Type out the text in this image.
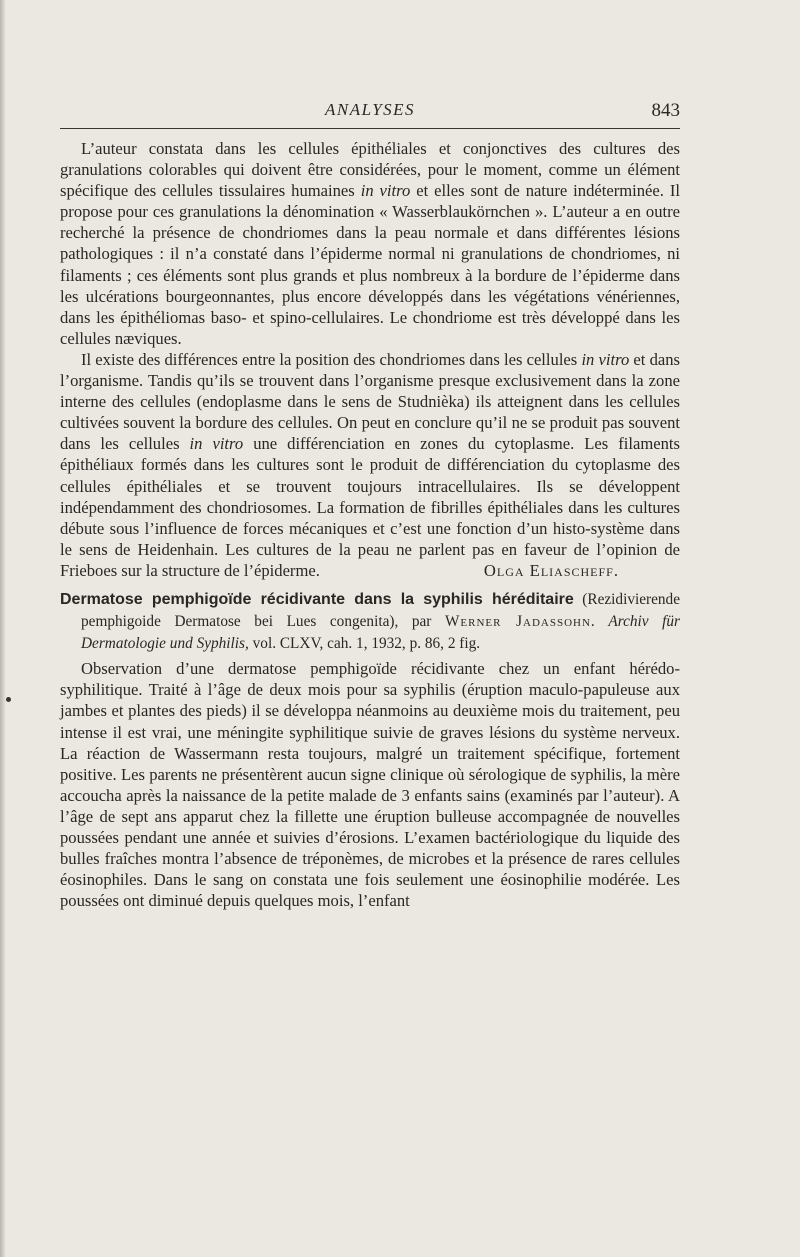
ANALYSES	843

L’auteur constata dans les cellules épithéliales et conjonctives des cultures des granulations colorables qui doivent être considérées, pour le moment, comme un élément spécifique des cellules tissulaires humaines in vitro et elles sont de nature indéterminée. Il propose pour ces granulations la dénomination « Wasserblaukörnchen ». L’auteur a en outre recherché la présence de chondriomes dans la peau normale et dans différentes lésions pathologiques : il n’a constaté dans l’épiderme normal ni granulations de chondriomes, ni filaments ; ces éléments sont plus grands et plus nombreux à la bordure de l’épiderme dans les ulcérations bourgeonnantes, plus encore développés dans les végétations vénériennes, dans les épithéliomas baso- et spino-cellulaires. Le chondriome est très développé dans les cellules næviques.

Il existe des différences entre la position des chondriomes dans les cellules in vitro et dans l’organisme. Tandis qu’ils se trouvent dans l’organisme presque exclusivement dans la zone interne des cellules (endoplasme dans le sens de Studnièka) ils atteignent dans les cellules cultivées souvent la bordure des cellules. On peut en conclure qu’il ne se produit pas souvent dans les cellules in vitro une différenciation en zones du cytoplasme. Les filaments épithéliaux formés dans les cultures sont le produit de différenciation du cytoplasme des cellules épithéliales et se trouvent toujours intracellulaires. Ils se développent indépendamment des chondriosomes. La formation de fibrilles épithéliales dans les cultures débute sous l’influence de forces mécaniques et c’est une fonction d’un histo-système dans le sens de Heidenhain. Les cultures de la peau ne parlent pas en faveur de l’opinion de Frieboes sur la structure de l’épiderme.	Olga Eliascheff.

Dermatose pemphigoïde récidivante dans la syphilis héréditaire (Rezidivierende pemphigoide Dermatose bei Lues congenita), par Werner Jadassohn. Archiv für Dermatologie und Syphilis, vol. CLXV, cah. 1, 1932, p. 86, 2 fig.

Observation d’une dermatose pemphigoïde récidivante chez un enfant hérédo-syphilitique. Traité à l’âge de deux mois pour sa syphilis (éruption maculo-papuleuse aux jambes et plantes des pieds) il se développa néanmoins au deuxième mois du traitement, peu intense il est vrai, une méningite syphilitique suivie de graves lésions du système nerveux. La réaction de Wassermann resta toujours, malgré un traitement spécifique, fortement positive. Les parents ne présentèrent aucun signe clinique où sérologique de syphilis, la mère accoucha après la naissance de la petite malade de 3 enfants sains (examinés par l’auteur). A l’âge de sept ans apparut chez la fillette une éruption bulleuse accompagnée de nouvelles poussées pendant une année et suivies d’érosions. L’examen bactériologique du liquide des bulles fraîches montra l’absence de tréponèmes, de microbes et la présence de rares cellules éosinophiles. Dans le sang on constata une fois seulement une éosinophilie modérée. Les poussées ont diminué depuis quelques mois, l’enfant
